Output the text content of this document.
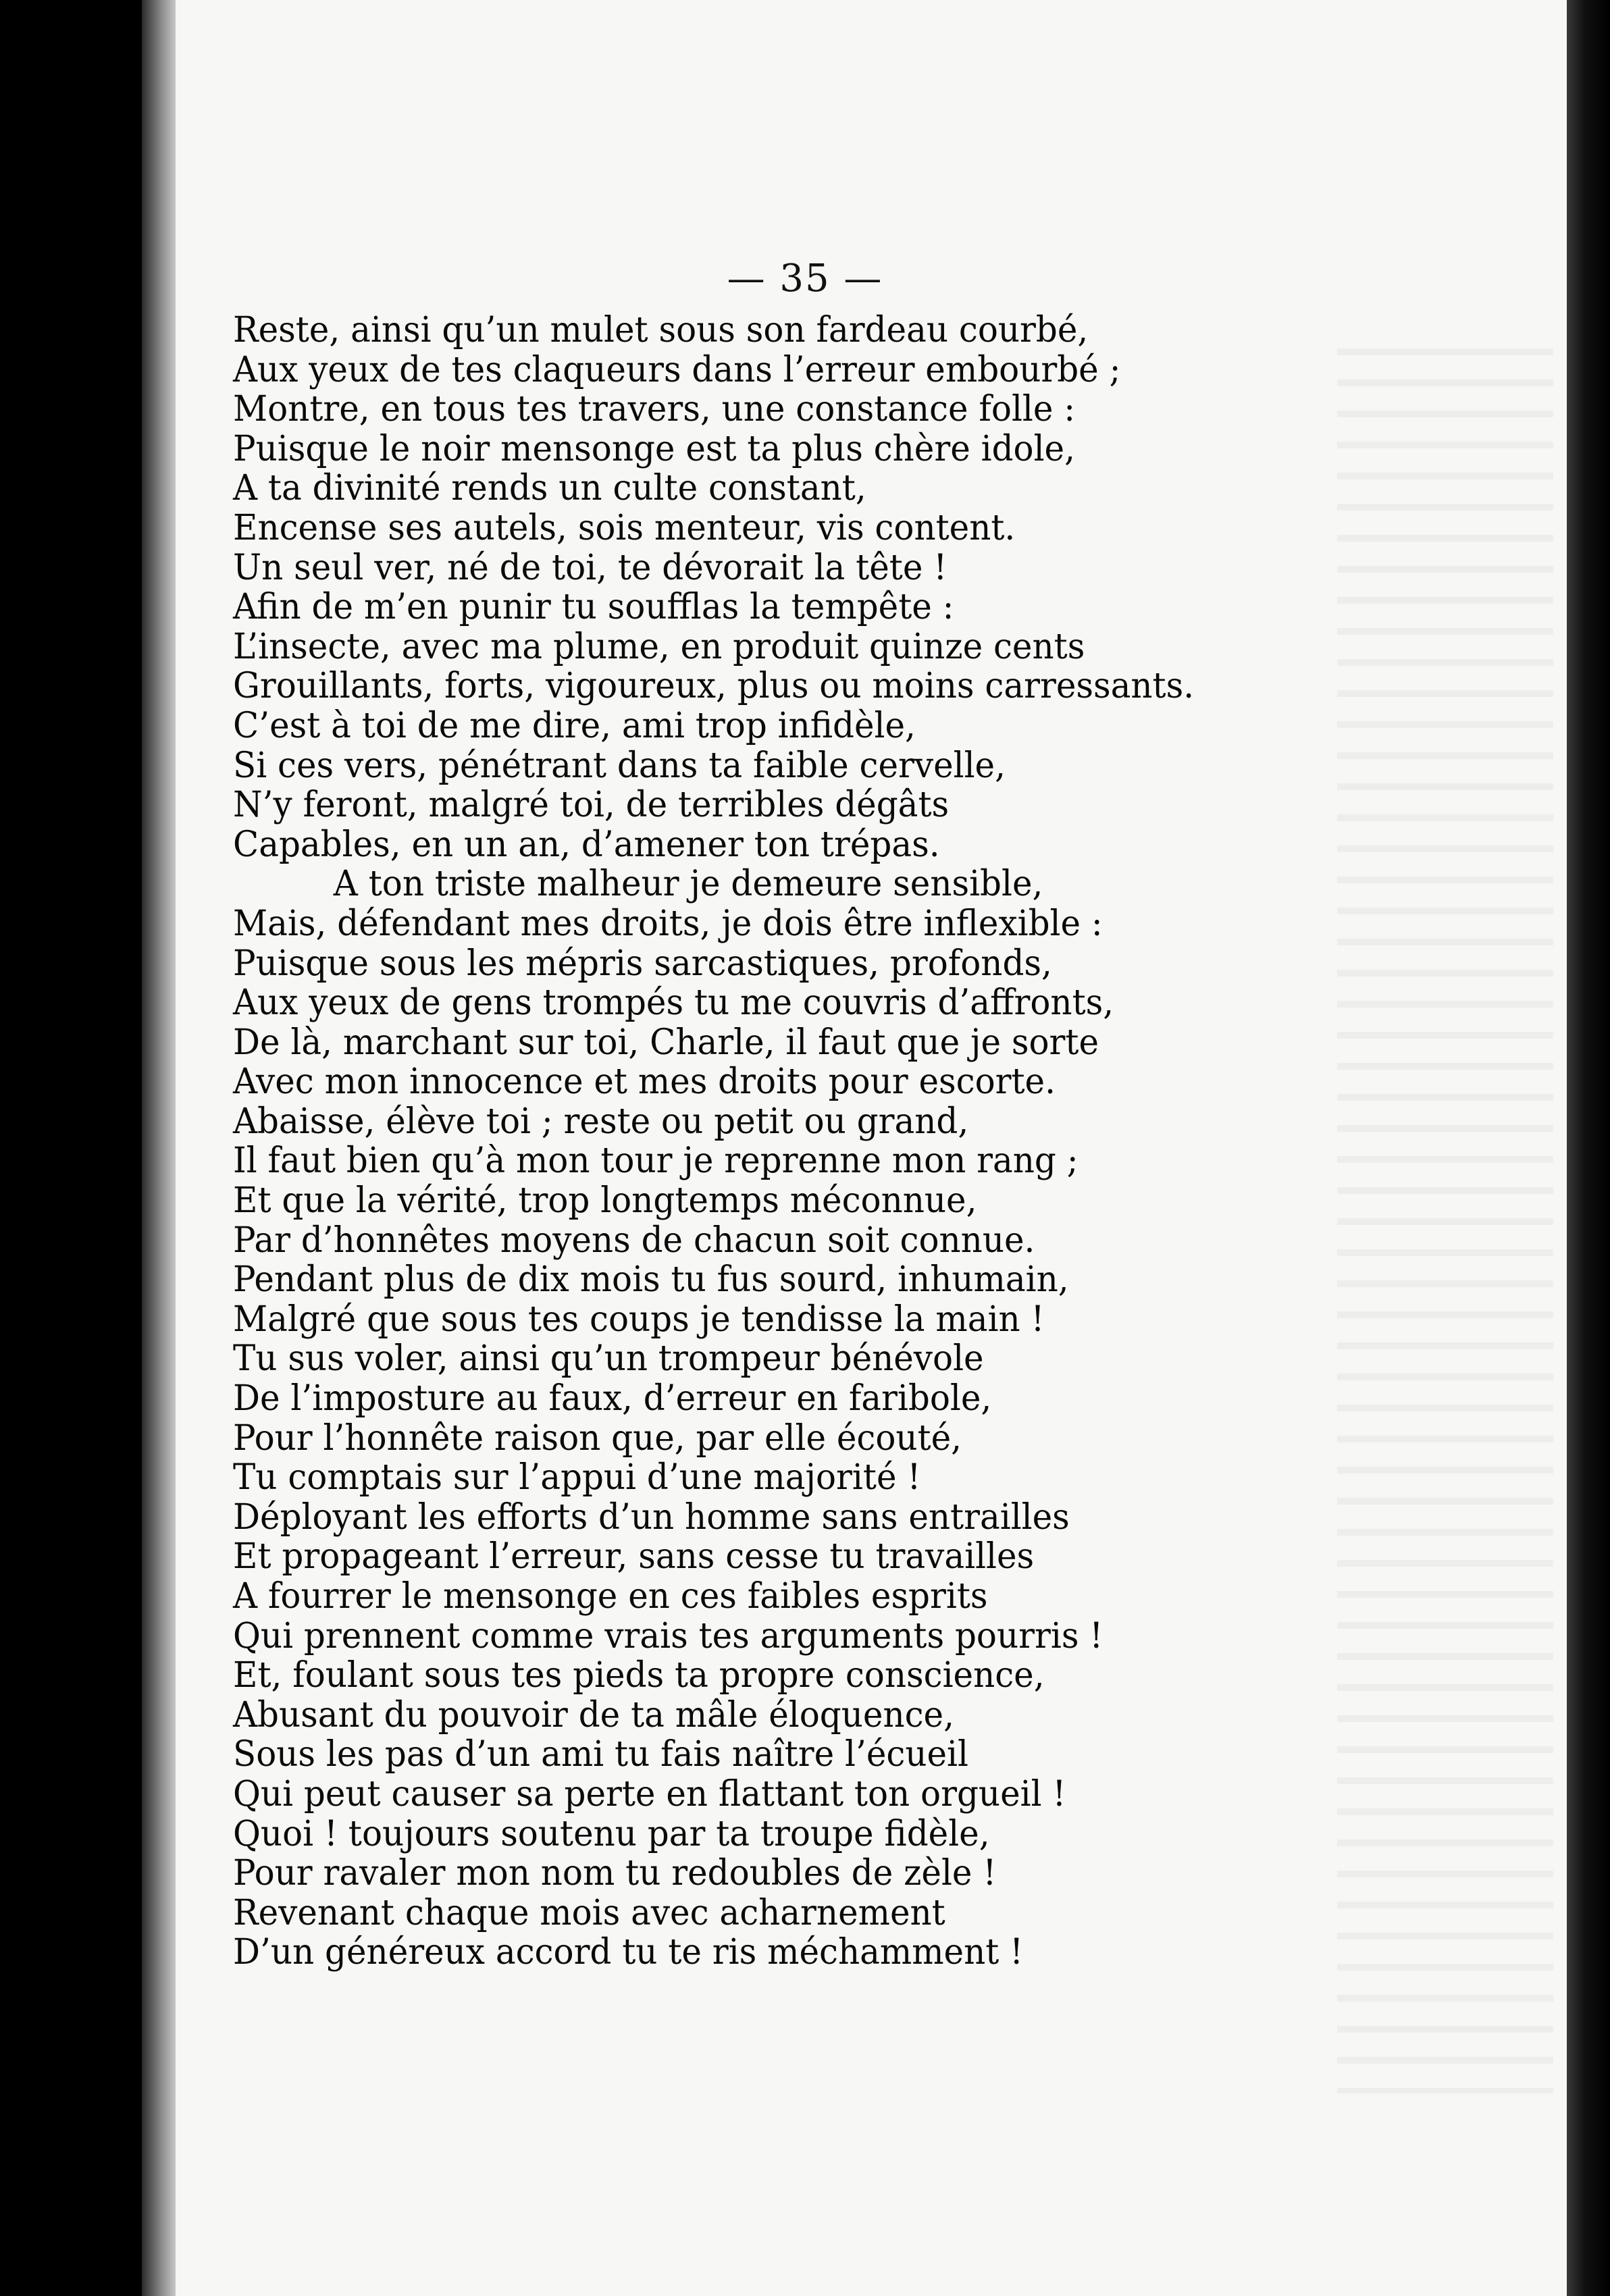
— 35 —
Reste, ainsi qu’un mulet sous son fardeau courbé,
Aux yeux de tes claqueurs dans l’erreur embourbé ;
Montre, en tous tes travers, une constance folle :
Puisque le noir mensonge est ta plus chère idole,
A ta divinité rends un culte constant,
Encense ses autels, sois menteur, vis content.
Un seul ver, né de toi, te dévorait la tête !
Afin de m’en punir tu soufflas la tempête :
L’insecte, avec ma plume, en produit quinze cents
Grouillants, forts, vigoureux, plus ou moins carressants.
C’est à toi de me dire, ami trop infidèle,
Si ces vers, pénétrant dans ta faible cervelle,
N’y feront, malgré toi, de terribles dégâts
Capables, en un an, d’amener ton trépas.
A ton triste malheur je demeure sensible,
Mais, défendant mes droits, je dois être inflexible :
Puisque sous les mépris sarcastiques, profonds,
Aux yeux de gens trompés tu me couvris d’affronts,
De là, marchant sur toi, Charle, il faut que je sorte
Avec mon innocence et mes droits pour escorte.
Abaisse, élève toi ; reste ou petit ou grand,
Il faut bien qu’à mon tour je reprenne mon rang ;
Et que la vérité, trop longtemps méconnue,
Par d’honnêtes moyens de chacun soit connue.
Pendant plus de dix mois tu fus sourd, inhumain,
Malgré que sous tes coups je tendisse la main !
Tu sus voler, ainsi qu’un trompeur bénévole
De l’imposture au faux, d’erreur en faribole,
Pour l’honnête raison que, par elle écouté,
Tu comptais sur l’appui d’une majorité !
Déployant les efforts d’un homme sans entrailles
Et propageant l’erreur, sans cesse tu travailles
A fourrer le mensonge en ces faibles esprits
Qui prennent comme vrais tes arguments pourris !
Et, foulant sous tes pieds ta propre conscience,
Abusant du pouvoir de ta mâle éloquence,
Sous les pas d’un ami tu fais naître l’écueil
Qui peut causer sa perte en flattant ton orgueil !
Quoi ! toujours soutenu par ta troupe fidèle,
Pour ravaler mon nom tu redoubles de zèle !
Revenant chaque mois avec acharnement
D’un généreux accord tu te ris méchamment !
